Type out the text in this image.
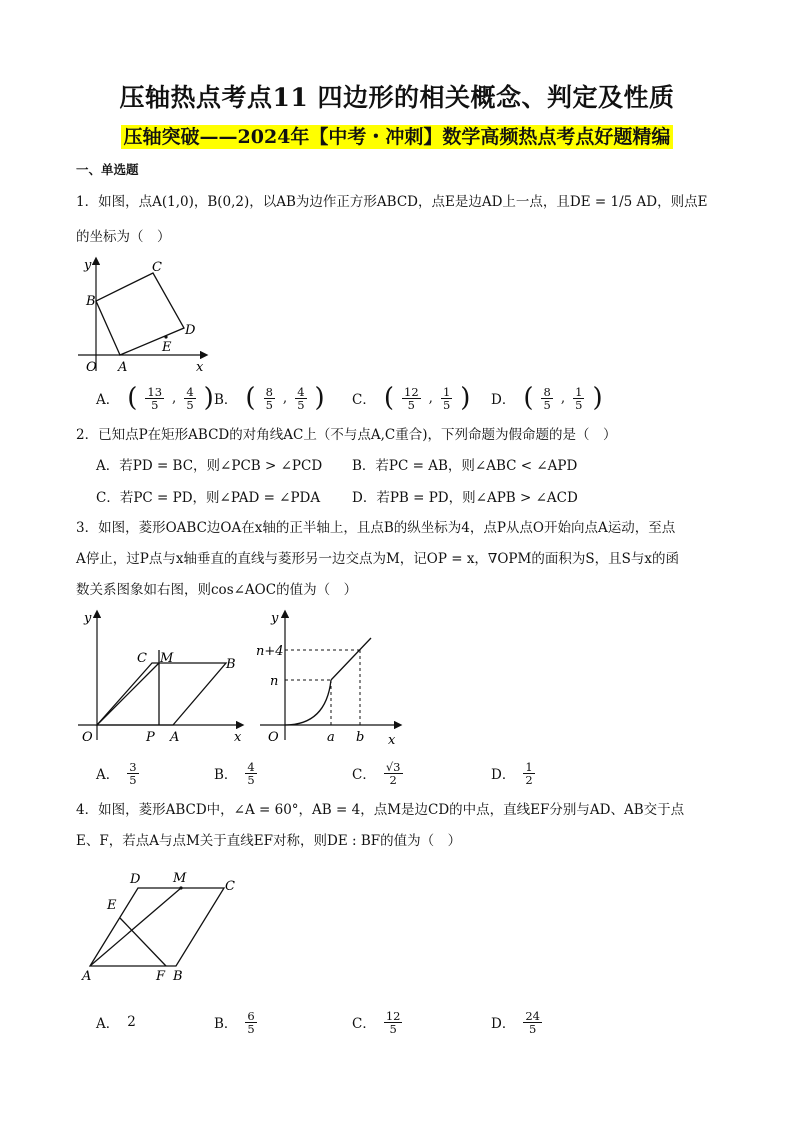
压轴热点考点11 四边形的相关概念、判定及性质
压轴突破——2024年【中考・冲刺】数学高频热点考点好题精编
一、单选题
1．如图，点A(1,0)，B(0,2)，以AB为边作正方形ABCD，点E是边AD上一点，且DE = 1/5 AD，则点E
的坐标为（　）
y	C
B
D
E
O A	x
A． ( $\frac{13}{5}$ , $\frac{4}{5}$ ) B． ( $\frac{8}{5}$ , $\frac{4}{5}$ ) C． ( $\frac{12}{5}$ , $\frac{1}{5}$ ) D． ( $\frac{8}{5}$ , $\frac{1}{5}$ )
2．已知点P在矩形ABCD的对角线AC上（不与点A,C重合)，下列命题为假命题的是（　）
A．若PD = BC，则∠PCB > ∠PCD B．若PC = AB，则∠ABC < ∠APD
C．若PC = PD，则∠PAD = ∠PDA D．若PB = PD，则∠APB > ∠ACD
3．如图，菱形OABC边OA在x轴的正半轴上，且点B的纵坐标为4，点P从点O开始向点A运动，至点
A停止，过P点与x轴垂直的直线与菱形另一边交点为M，记OP = x，∇OPM的面积为S，且S与x的函
数关系图象如右图，则cos∠AOC的值为（　）
y
C M	B
O	P A	x
y
n+4
n
O	a b x
A． $\frac{3}{5}$	B． $\frac{4}{5}$	C． $\frac{√3}{2}$	D． $\frac{1}{2}$
4．如图，菱形ABCD中，∠A = 60°，AB = 4，点M是边CD的中点，直线EF分别与AD、AB交于点
E、F，若点A与点M关于直线EF对称，则DE : BF的值为（　）
D	M
C
E
A	F B
A． 2	B． $\frac{6}{5}$	C． $\frac{12}{5}$	D． $\frac{24}{5}$
